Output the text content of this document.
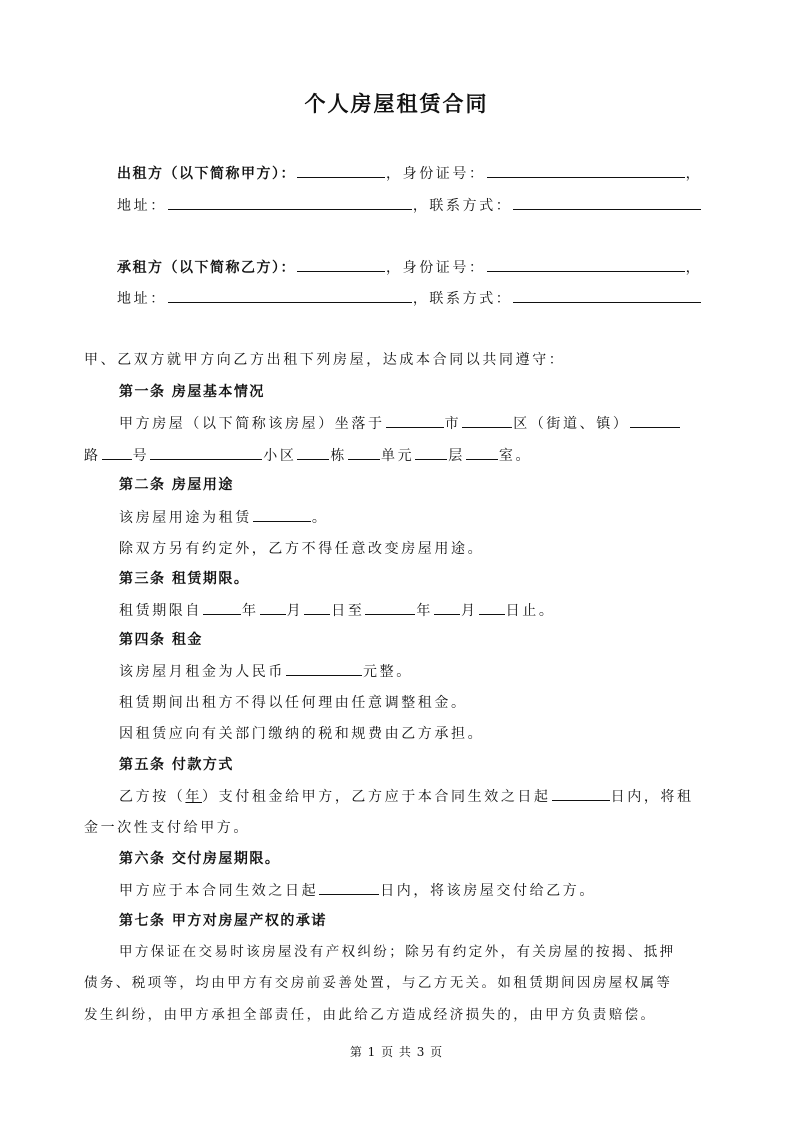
个人房屋租赁合同
出租方（以下简称甲方）：	，身份证号：	，
地址：	，联系方式：
承租方（以下简称乙方）：	，身份证号：	，
地址：	，联系方式：
甲、乙双方就甲方向乙方出租下列房屋，达成本合同以共同遵守：
第一条 房屋基本情况
甲方房屋（以下简称该房屋）坐落于	市	区（街道、镇）
路 号	小区 栋 单元 层 室。
第二条 房屋用途
该房屋用途为租赁	。
除双方另有约定外，乙方不得任意改变房屋用途。
第三条 租赁期限。
租赁期限自	年 月 日至	年 月 日止。
第四条 租金
该房屋月租金为人民币	元整。
租赁期间出租方不得以任何理由任意调整租金。
因租赁应向有关部门缴纳的税和规费由乙方承担。
第五条 付款方式
乙方按（年）支付租金给甲方，乙方应于本合同生效之日起	日内，将租
金一次性支付给甲方。
第六条 交付房屋期限。
甲方应于本合同生效之日起	日内，将该房屋交付给乙方。
第七条 甲方对房屋产权的承诺
甲方保证在交易时该房屋没有产权纠纷；除另有约定外，有关房屋的按揭、抵押
债务、税项等，均由甲方有交房前妥善处置，与乙方无关。如租赁期间因房屋权属等
发生纠纷，由甲方承担全部责任，由此给乙方造成经济损失的，由甲方负责赔偿。
第 1 页 共 3 页
